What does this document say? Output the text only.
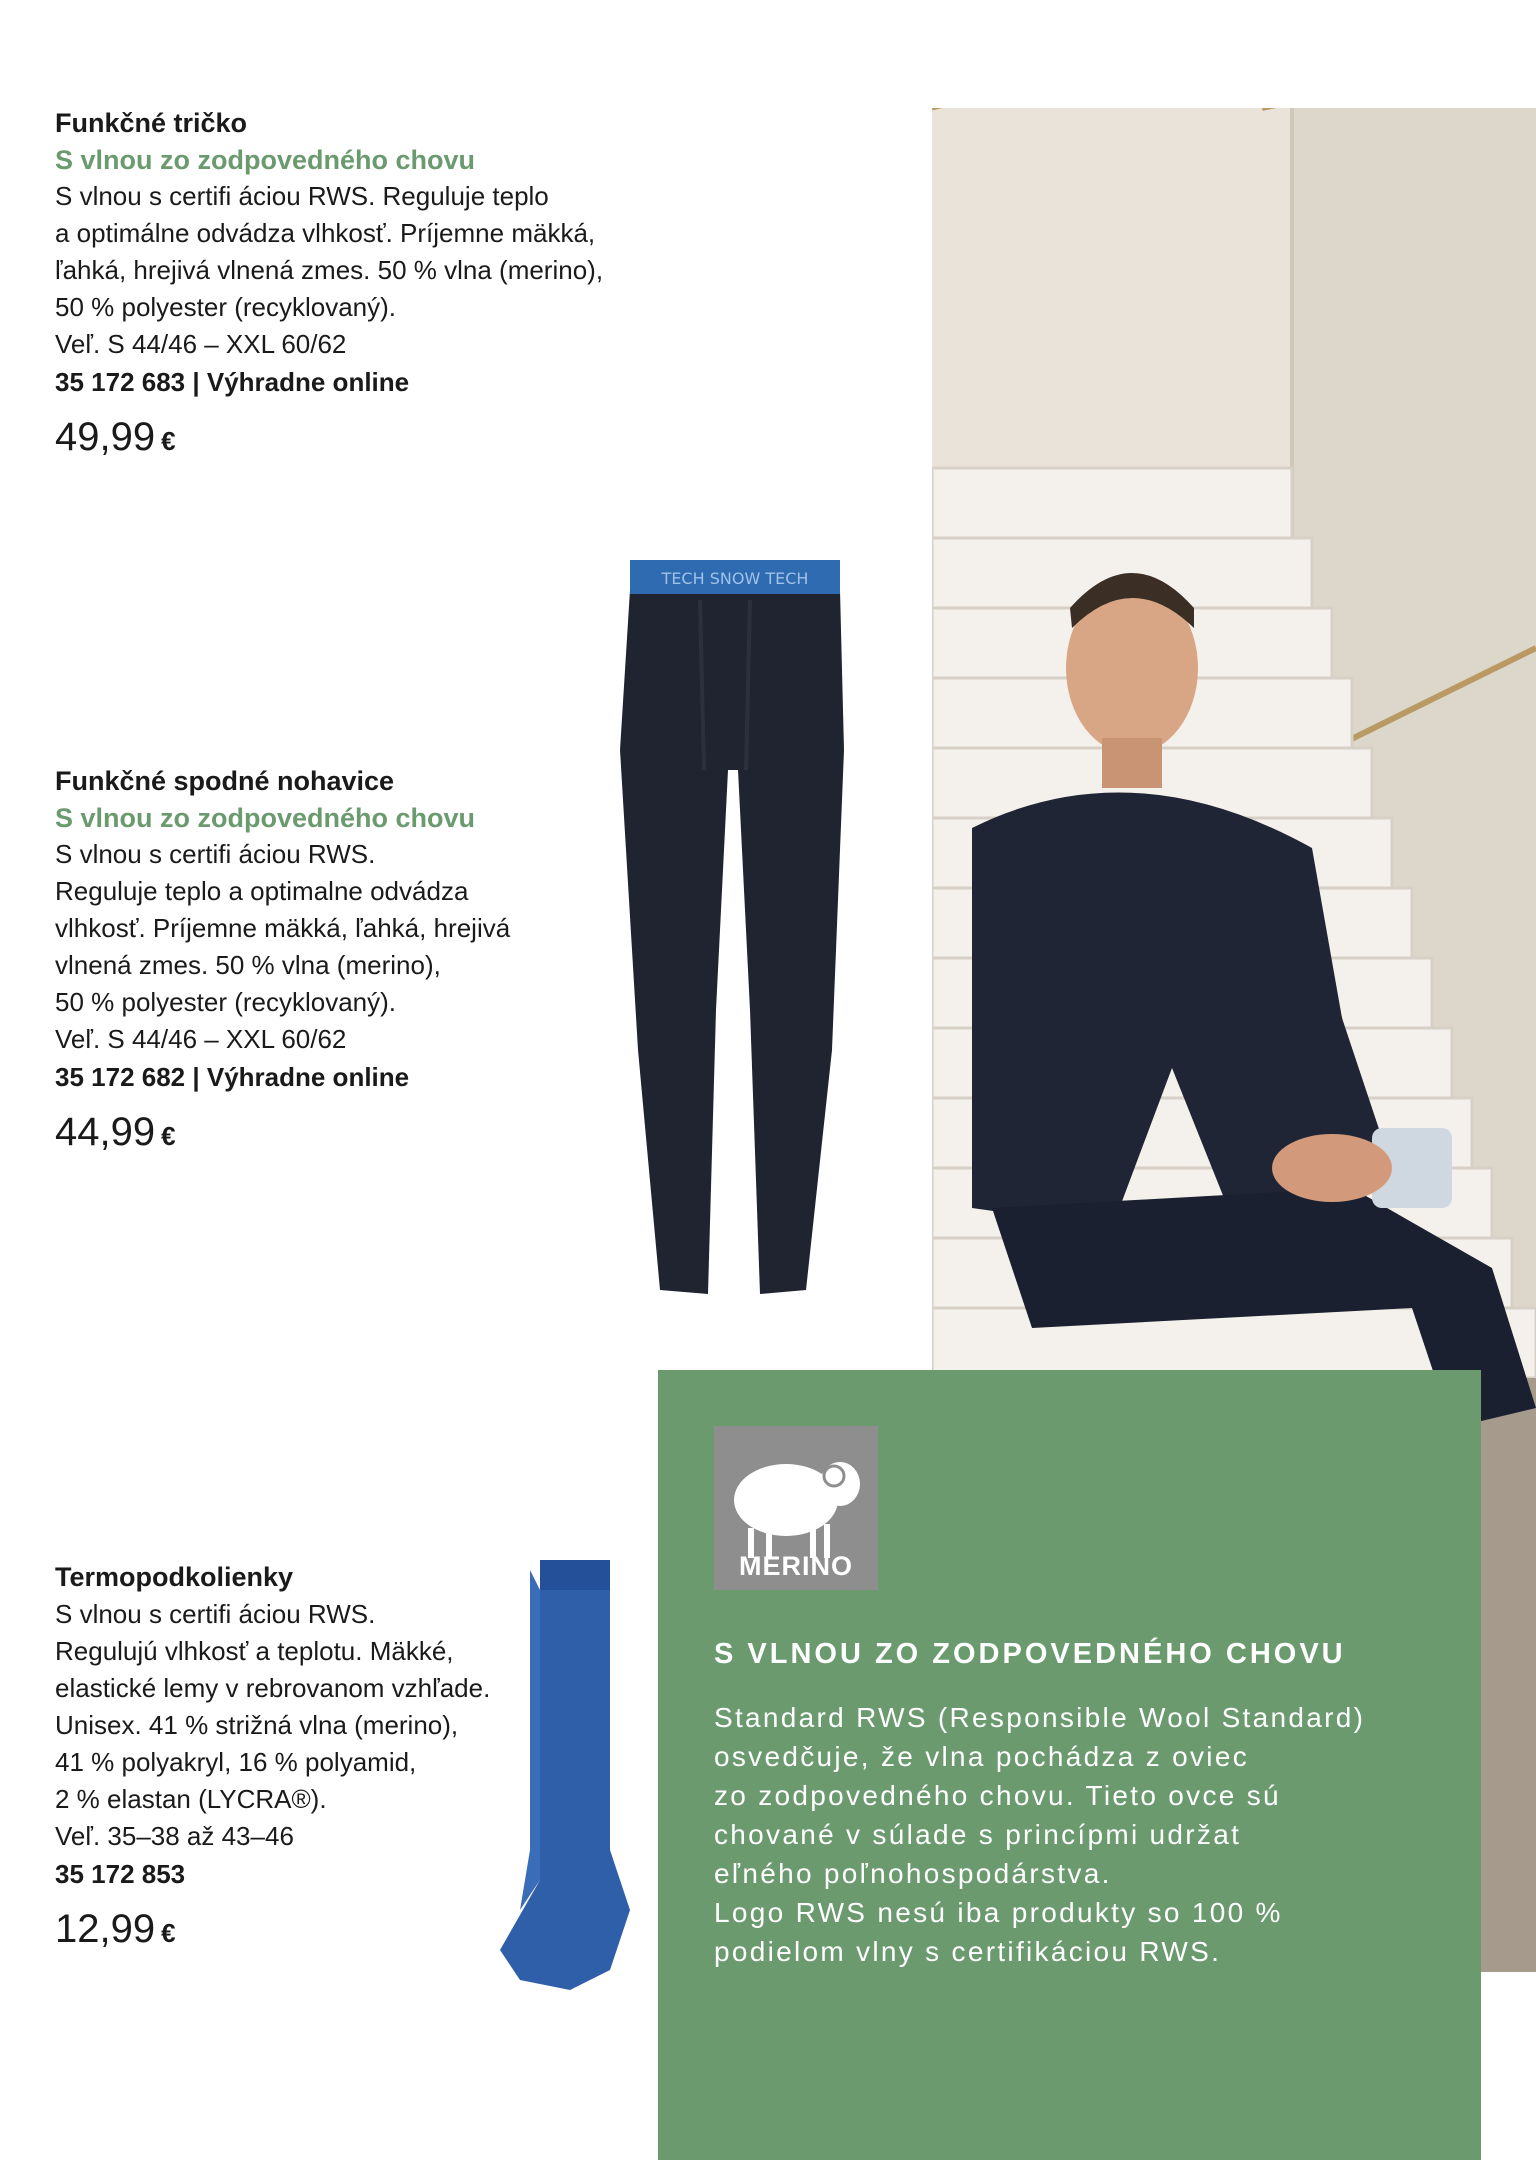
TECH SNOW TECH
Funkčné tričko
S vlnou zo zodpovedného chovu
S vlnou s certifi áciou RWS. Reguluje teplo
a optimálne odvádza vlhkosť. Príjemne mäkká,
ľahká, hrejivá vlnená zmes. 50 % vlna (merino),
50 % polyester (recyklovaný).
Veľ. S 44/46 – XXL 60/62
35 172 683 | Výhradne online
49,99 €
Funkčné spodné nohavice
S vlnou zo zodpovedného chovu
S vlnou s certifi áciou RWS.
Reguluje teplo a optimalne odvádza
vlhkosť. Príjemne mäkká, ľahká, hrejivá
vlnená zmes. 50 % vlna (merino),
50 % polyester (recyklovaný).
Veľ. S 44/46 – XXL 60/62
35 172 682 | Výhradne online
44,99 €
Termopodkolienky
S vlnou s certifi áciou RWS.
Regulujú vlhkosť a teplotu. Mäkké,
elastické lemy v rebrovanom vzhľade.
Unisex. 41 % strižná vlna (merino),
41 % polyakryl, 16 % polyamid,
2 % elastan (LYCRA®).
Veľ. 35–38 až 43–46
35 172 853
12,99 €
MERINO
S VLNOU ZO ZODPOVEDNÉHO CHOVU
Standard RWS (Responsible Wool Standard)
osvedčuje, že vlna pochádza z oviec
zo zodpovedného chovu. Tieto ovce sú
chované v súlade s princípmi udržat
eľného poľnohospodárstva.
Logo RWS nesú iba produkty so 100 %
podielom vlny s certifikáciou RWS.
